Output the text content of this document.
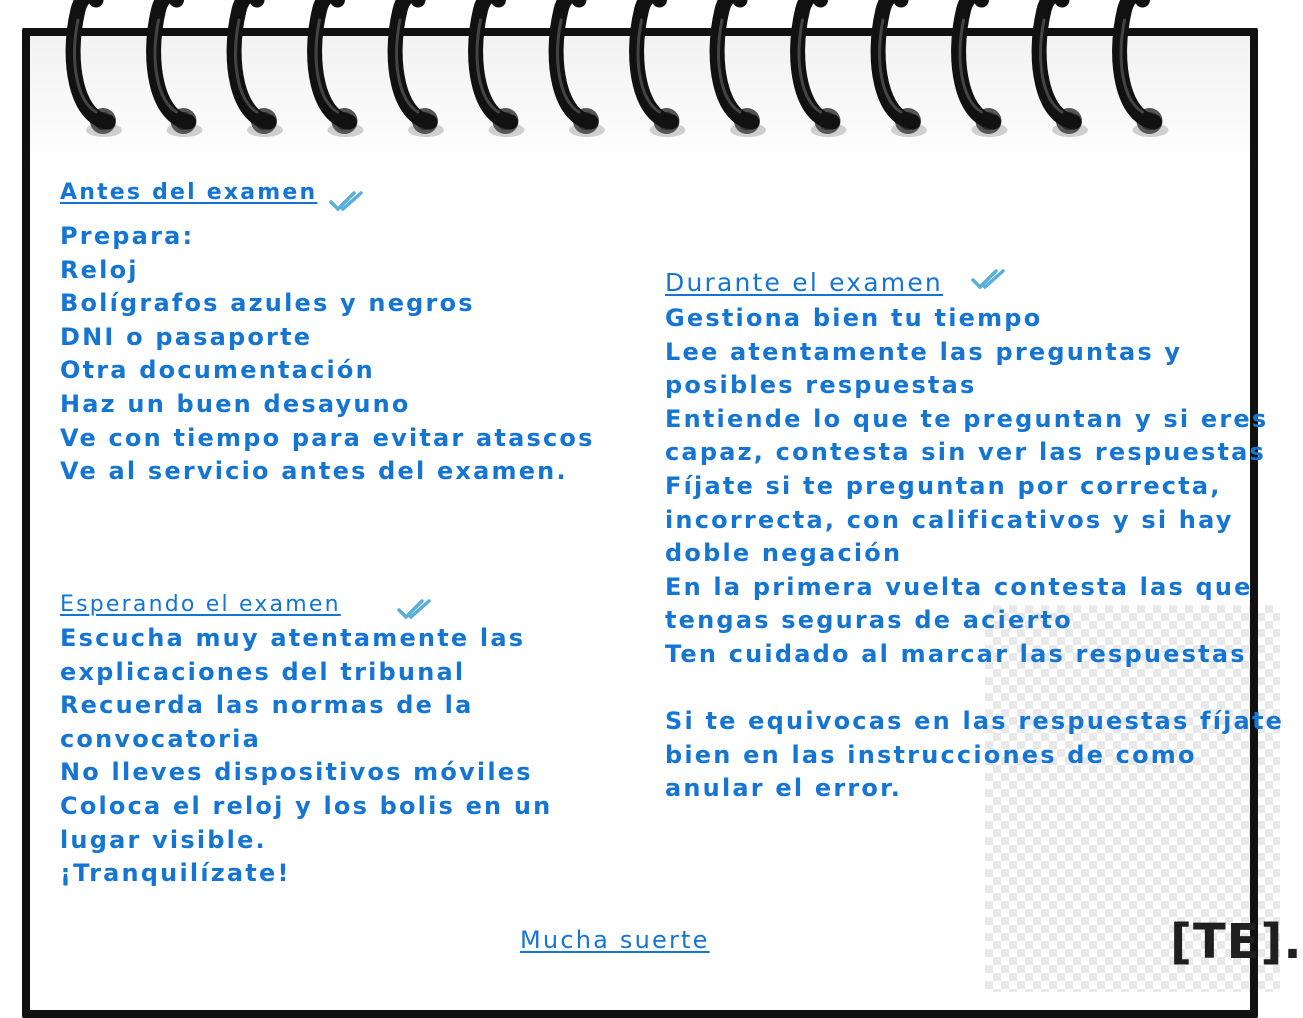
Antes del examen
Prepara:
Reloj
Bolígrafos azules y negros
DNI o pasaporte
Otra documentación
Haz un buen desayuno
Ve con tiempo para evitar atascos
Ve al servicio antes del examen.
Esperando el examen
Escucha muy atentamente las
explicaciones del tribunal
Recuerda las normas de la
convocatoria
No lleves dispositivos móviles
Coloca el reloj y los bolis en un
lugar visible.
¡Tranquilízate!
Durante el examen
Gestiona bien tu tiempo
Lee atentamente las preguntas y
posibles respuestas
Entiende lo que te preguntan y si eres
capaz, contesta sin ver las respuestas
Fíjate si te preguntan por correcta,
incorrecta, con calificativos y si hay
doble negación
En la primera vuelta contesta las que
tengas seguras de acierto
Ten cuidado al marcar las respuestas

Si te equivocas en las respuestas fíjate
bien en las instrucciones de como
anular el error.
Mucha suerte	[TE].
